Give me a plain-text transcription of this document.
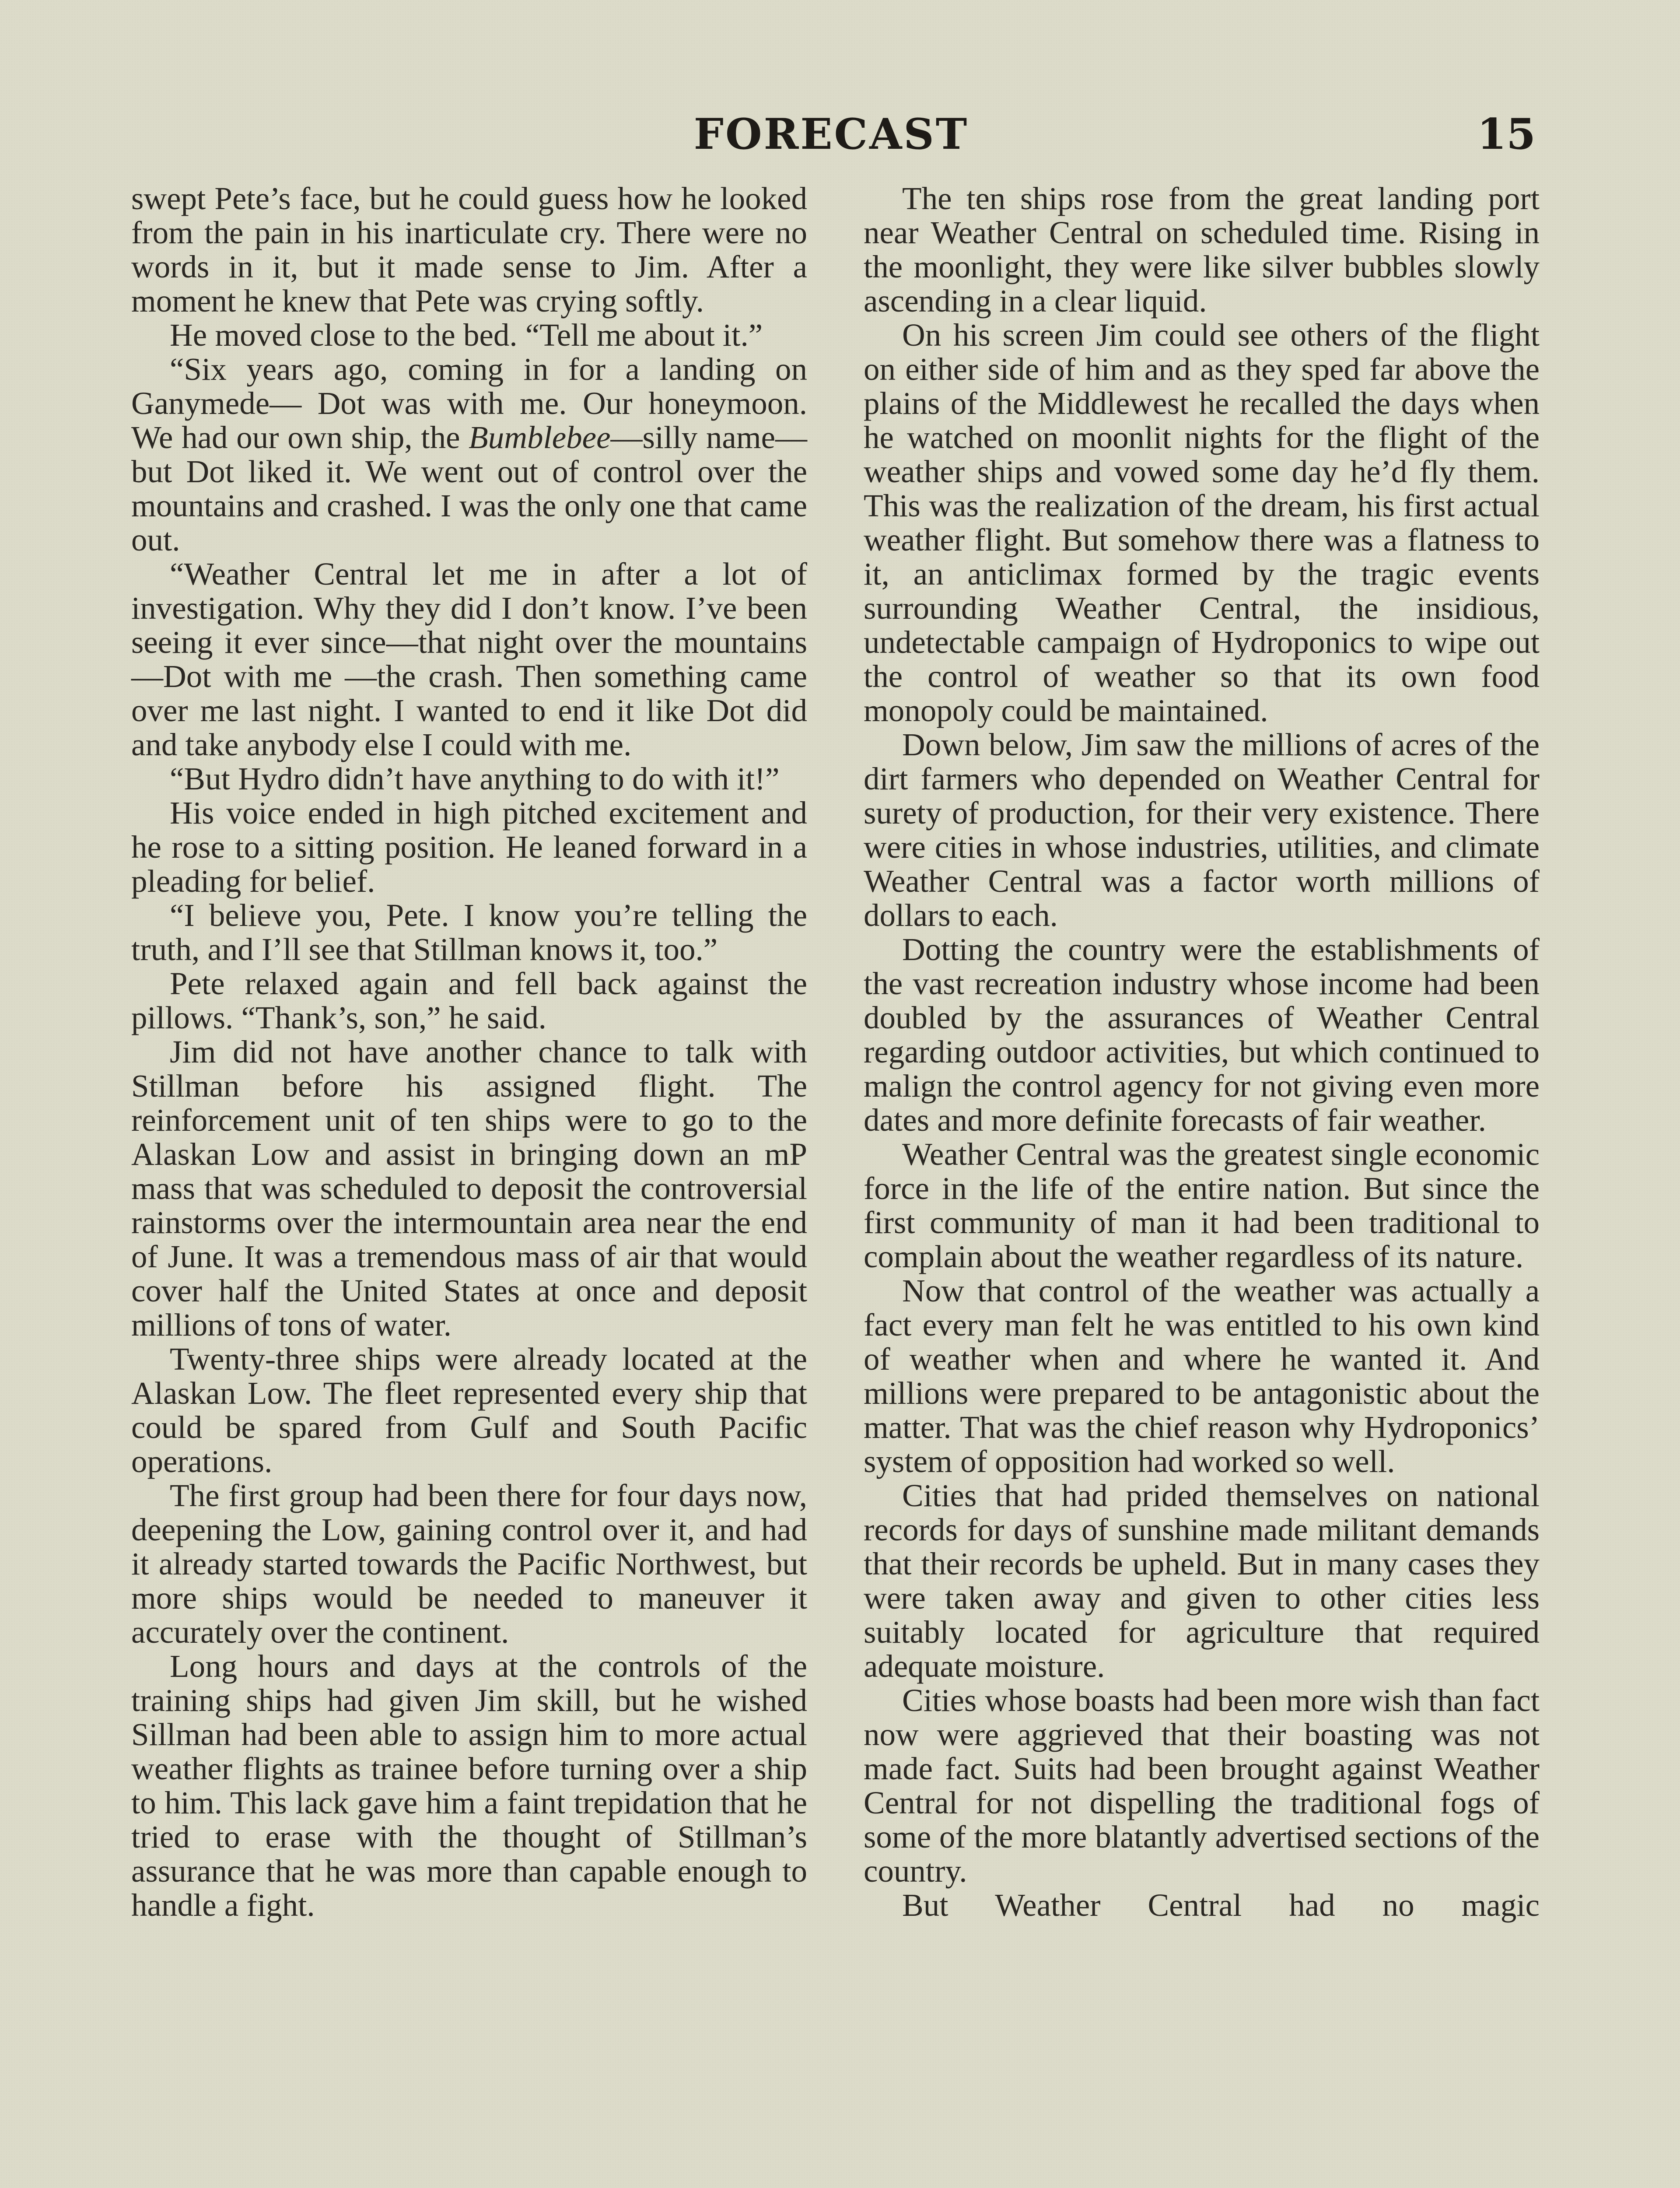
FORECAST	15

swept Pete’s face, but he could guess how he looked from the pain in his inarticulate cry. There were no words in it, but it made sense to Jim. After a moment he knew that Pete was crying softly.

He moved close to the bed. “Tell me about it.”

“Six years ago, coming in for a landing on Ganymede— Dot was with me. Our honeymoon. We had our own ship, the Bumblebee—silly name—but Dot liked it. We went out of control over the mountains and crashed. I was the only one that came out.

“Weather Central let me in after a lot of investigation. Why they did I don’t know. I’ve been seeing it ever since—that night over the mountains—Dot with me —the crash. Then something came over me last night. I wanted to end it like Dot did and take anybody else I could with me.

“But Hydro didn’t have anything to do with it!”

His voice ended in high pitched excitement and he rose to a sitting position. He leaned forward in a pleading for belief.

“I believe you, Pete. I know you’re telling the truth, and I’ll see that Stillman knows it, too.”

Pete relaxed again and fell back against the pillows. “Thank’s, son,” he said.

Jim did not have another chance to talk with Stillman before his assigned flight. The reinforcement unit of ten ships were to go to the Alaskan Low and assist in bringing down an mP mass that was scheduled to deposit the controversial rainstorms over the intermountain area near the end of June. It was a tremendous mass of air that would cover half the United States at once and deposit millions of tons of water.

Twenty-three ships were already located at the Alaskan Low. The fleet represented every ship that could be spared from Gulf and South Pacific operations.

The first group had been there for four days now, deepening the Low, gaining control over it, and had it already started towards the Pacific Northwest, but more ships would be needed to maneuver it accurately over the continent.

Long hours and days at the controls of the training ships had given Jim skill, but he wished Sillman had been able to assign him to more actual weather flights as trainee before turning over a ship to him. This lack gave him a faint trepidation that he tried to erase with the thought of Stillman’s assurance that he was more than capable enough to handle a fight.

The ten ships rose from the great landing port near Weather Central on scheduled time. Rising in the moonlight, they were like silver bubbles slowly ascending in a clear liquid.

On his screen Jim could see others of the flight on either side of him and as they sped far above the plains of the Middlewest he recalled the days when he watched on moonlit nights for the flight of the weather ships and vowed some day he’d fly them. This was the realization of the dream, his first actual weather flight. But somehow there was a flatness to it, an anticlimax formed by the tragic events surrounding Weather Central, the insidious, undetectable campaign of Hydroponics to wipe out the control of weather so that its own food monopoly could be maintained.

Down below, Jim saw the millions of acres of the dirt farmers who depended on Weather Central for surety of production, for their very existence. There were cities in whose industries, utilities, and climate Weather Central was a factor worth millions of dollars to each.

Dotting the country were the establishments of the vast recreation industry whose income had been doubled by the assurances of Weather Central regarding outdoor activities, but which continued to malign the control agency for not giving even more dates and more definite forecasts of fair weather.

Weather Central was the greatest single economic force in the life of the entire nation. But since the first community of man it had been traditional to complain about the weather regardless of its nature.

Now that control of the weather was actually a fact every man felt he was entitled to his own kind of weather when and where he wanted it. And millions were prepared to be antagonistic about the matter. That was the chief reason why Hydroponics’ system of opposition had worked so well.

Cities that had prided themselves on national records for days of sunshine made militant demands that their records be upheld. But in many cases they were taken away and given to other cities less suitably located for agriculture that required adequate moisture.

Cities whose boasts had been more wish than fact now were aggrieved that their boasting was not made fact. Suits had been brought against Weather Central for not dispelling the traditional fogs of some of the more blatantly advertised sections of the country.

But Weather Central had no magic
